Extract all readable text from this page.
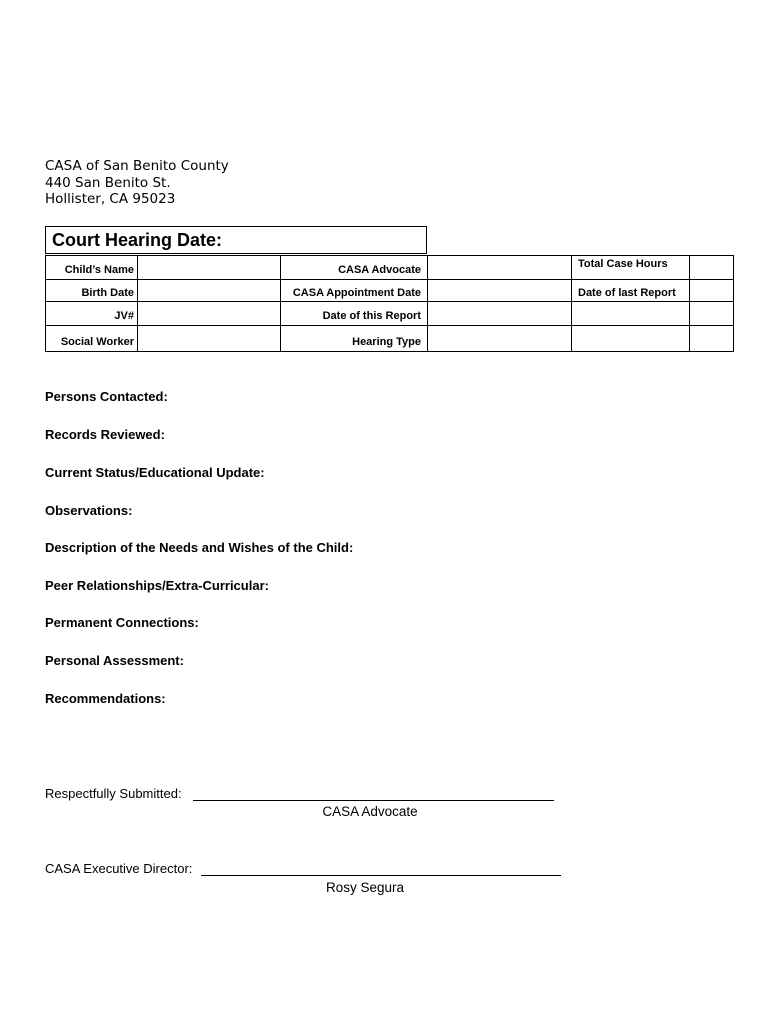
CASA of San Benito County
440 San Benito St.
Hollister, CA 95023
Court Hearing Date:
Child’s Name
Birth Date
JV#
Social Worker
CASA Advocate
CASA Appointment Date
Date of this Report
Hearing Type
Total Case Hours
Date of last Report
Persons Contacted:
Records Reviewed:
Current Status/Educational Update:
Observations:
Description of the Needs and Wishes of the Child:
Peer Relationships/Extra-Curricular:
Permanent Connections:
Personal Assessment:
Recommendations:
Respectfully Submitted:
CASA Advocate
CASA Executive Director:
Rosy Segura
